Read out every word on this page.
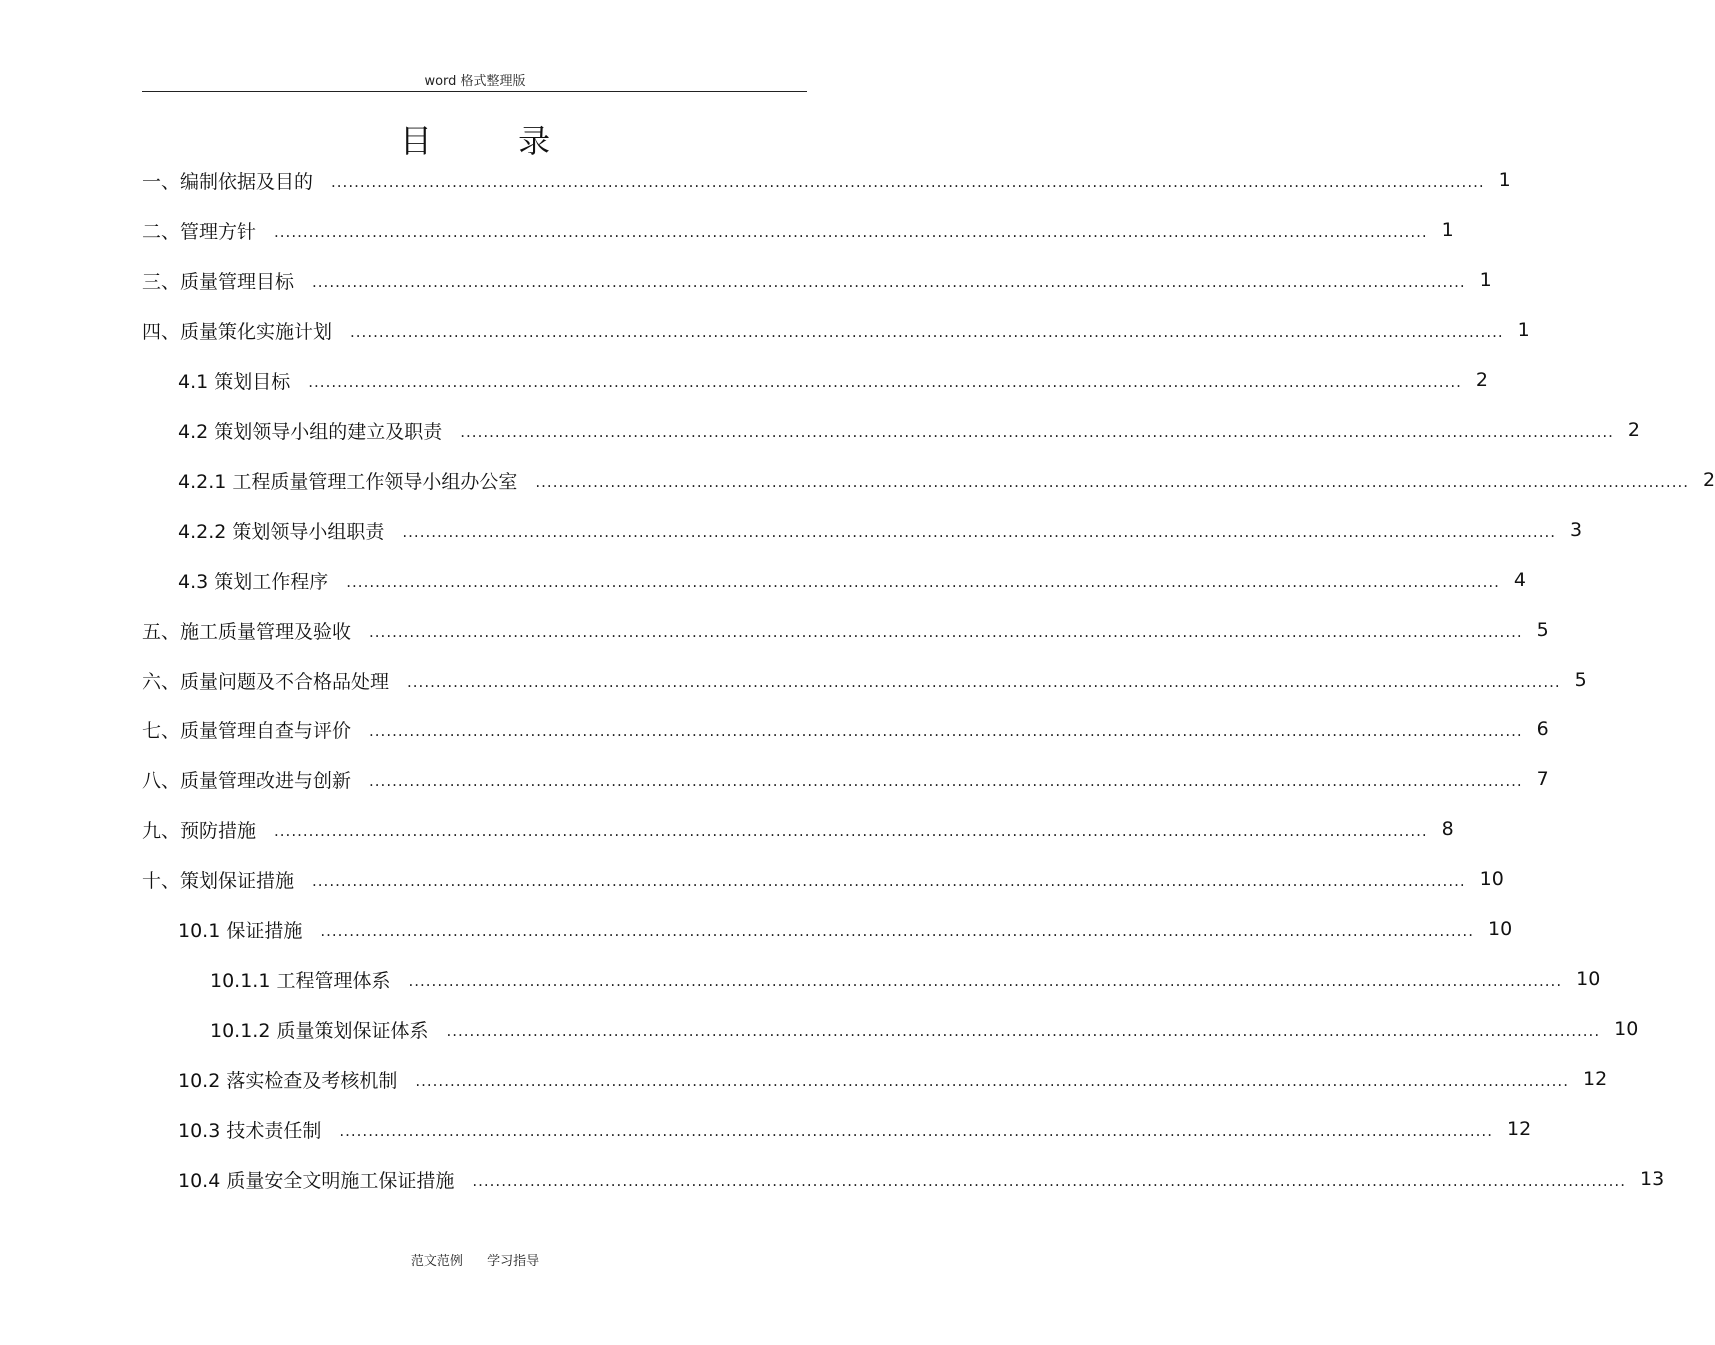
word 格式整理版
目 录
一、编制依据及目的 ........................................................................................................................................................................................................ 1
二、管理方针 ........................................................................................................................................................................................................ 1
三、质量管理目标 ........................................................................................................................................................................................................ 1
四、质量策化实施计划 ........................................................................................................................................................................................................ 1
4.1 策划目标 ........................................................................................................................................................................................................ 2
4.2 策划领导小组的建立及职责 ........................................................................................................................................................................................................ 2
4.2.1 工程质量管理工作领导小组办公室 ........................................................................................................................................................................................................ 2
4.2.2 策划领导小组职责 ........................................................................................................................................................................................................ 3
4.3 策划工作程序 ........................................................................................................................................................................................................ 4
五、施工质量管理及验收 ........................................................................................................................................................................................................ 5
六、质量问题及不合格品处理 ........................................................................................................................................................................................................ 5
七、质量管理自查与评价 ........................................................................................................................................................................................................ 6
八、质量管理改进与创新 ........................................................................................................................................................................................................ 7
九、预防措施 ........................................................................................................................................................................................................ 8
十、策划保证措施 ........................................................................................................................................................................................................ 10
10.1 保证措施 ........................................................................................................................................................................................................ 10
10.1.1 工程管理体系 ........................................................................................................................................................................................................ 10
10.1.2 质量策划保证体系 ........................................................................................................................................................................................................ 10
10.2 落实检查及考核机制 ........................................................................................................................................................................................................ 12
10.3 技术责任制 ........................................................................................................................................................................................................ 12
10.4 质量安全文明施工保证措施 ........................................................................................................................................................................................................ 13
范文范例 学习指导
